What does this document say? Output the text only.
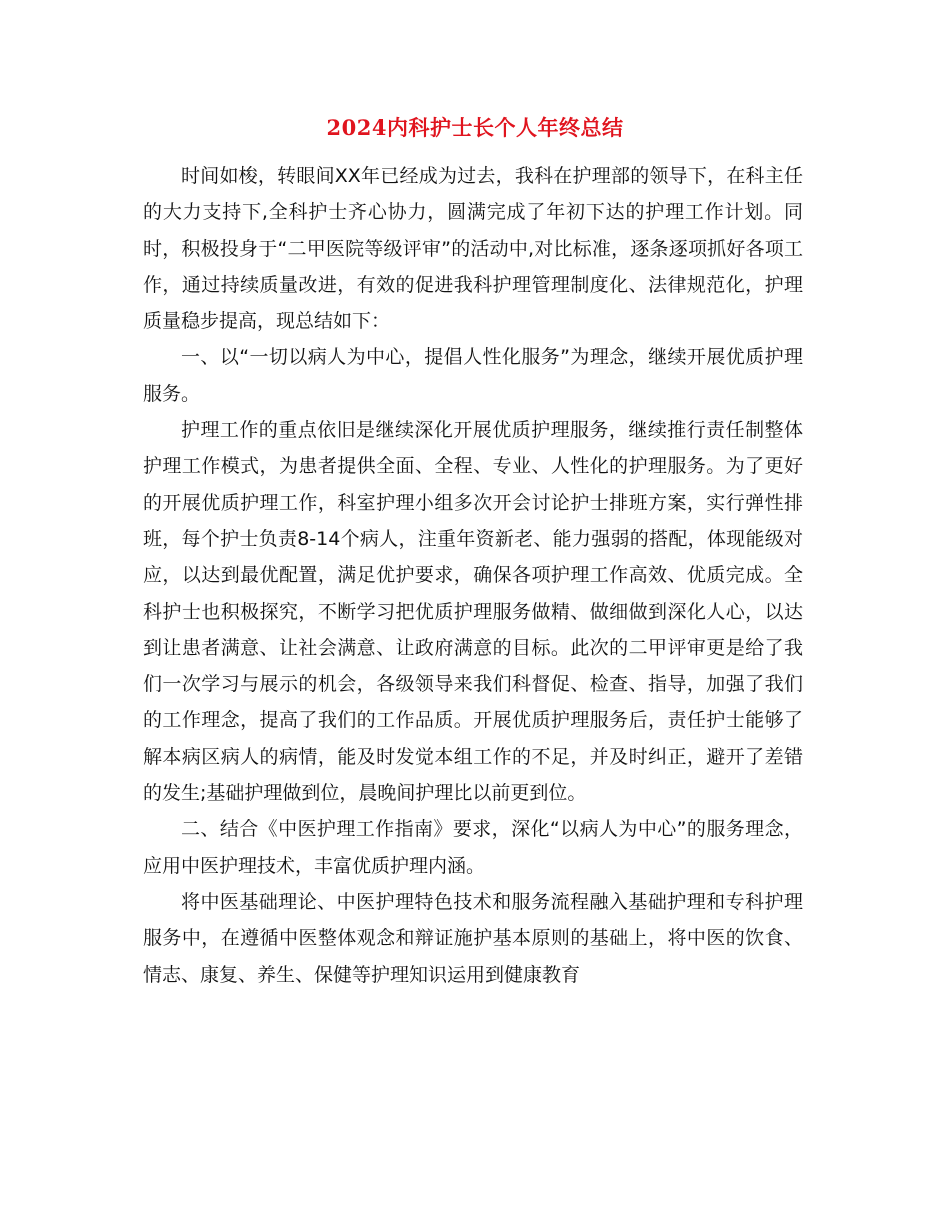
2024内科护士长个人年终总结

时间如梭，转眼间XX年已经成为过去，我科在护理部的领导下，在科主任的大力支持下,全科护士齐心协力，圆满完成了年初下达的护理工作计划。同时，积极投身于“二甲医院等级评审”的活动中,对比标准，逐条逐项抓好各项工作，通过持续质量改进，有效的促进我科护理管理制度化、法律规范化，护理质量稳步提高，现总结如下：

一、以“一切以病人为中心，提倡人性化服务”为理念，继续开展优质护理服务。

护理工作的重点依旧是继续深化开展优质护理服务，继续推行责任制整体护理工作模式，为患者提供全面、全程、专业、人性化的护理服务。为了更好的开展优质护理工作，科室护理小组多次开会讨论护士排班方案，实行弹性排班，每个护士负责8-14个病人，注重年资新老、能力强弱的搭配，体现能级对应，以达到最优配置，满足优护要求，确保各项护理工作高效、优质完成。全科护士也积极探究，不断学习把优质护理服务做精、做细做到深化人心，以达到让患者满意、让社会满意、让政府满意的目标。此次的二甲评审更是给了我们一次学习与展示的机会，各级领导来我们科督促、检查、指导，加强了我们的工作理念，提高了我们的工作品质。开展优质护理服务后，责任护士能够了解本病区病人的病情，能及时发觉本组工作的不足，并及时纠正，避开了差错的发生;基础护理做到位，晨晚间护理比以前更到位。

二、结合《中医护理工作指南》要求，深化“以病人为中心”的服务理念，应用中医护理技术，丰富优质护理内涵。

将中医基础理论、中医护理特色技术和服务流程融入基础护理和专科护理服务中，在遵循中医整体观念和辩证施护基本原则的基础上，将中医的饮食、情志、康复、养生、保健等护理知识运用到健康教育
